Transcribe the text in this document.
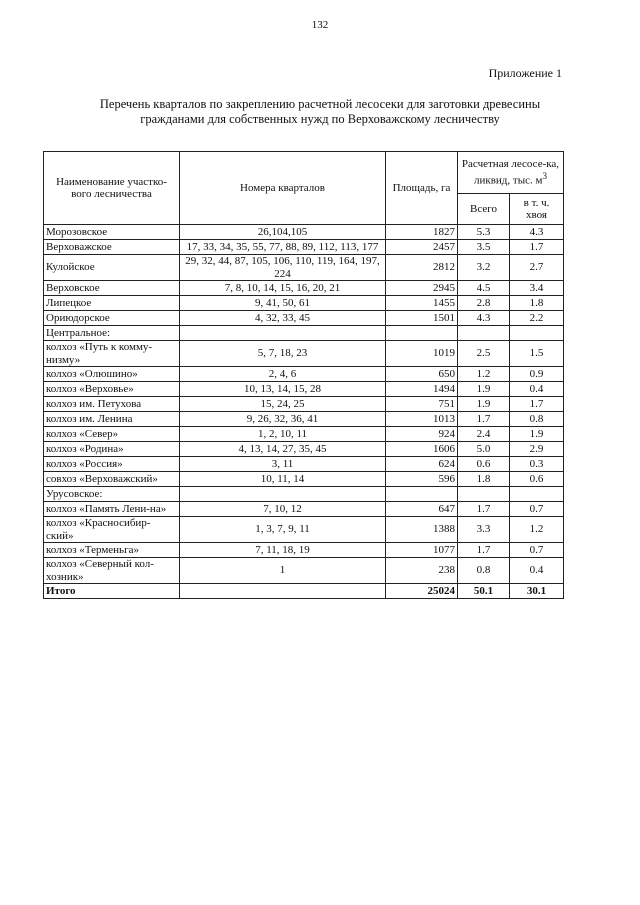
132
Приложение 1
Перечень кварталов по закреплению расчетной лесосеки для заготовки древесины
гражданами для собственных нужд по Верховажскому лесничеству
Наименование участко-вого лесничества	Номера кварталов	Площадь, га	Расчетная лесосе-ка, ликвид, тыс. $м^3$
			Всего	в т. ч. хвоя
Морозовское	26,104,105	1827	5.3	4.3
Верховажское	17, 33, 34, 35, 55, 77, 88, 89, 112, 113, 177	2457	3.5	1.7
Кулойское	29, 32, 44, 87, 105, 106, 110, 119, 164, 197, 224	2812	3.2	2.7
Верховское	7, 8, 10, 14, 15, 16, 20, 21	2945	4.5	3.4
Липецкое	9, 41, 50, 61	1455	2.8	1.8
Ориюдорское	4, 32, 33, 45	1501	4.3	2.2
Центральное:				
колхоз «Путь к комму-низму»	5, 7, 18, 23	1019	2.5	1.5
колхоз «Олюшино»	2, 4, 6	650	1.2	0.9
колхоз «Верховье»	10, 13, 14, 15, 28	1494	1.9	0.4
колхоз им. Петухова	15, 24, 25	751	1.9	1.7
колхоз им. Ленина	9, 26, 32, 36, 41	1013	1.7	0.8
колхоз «Север»	1, 2, 10, 11	924	2.4	1.9
колхоз «Родина»	4, 13, 14, 27, 35, 45	1606	5.0	2.9
колхоз «Россия»	3, 11	624	0.6	0.3
совхоз «Верховажский»	10, 11, 14	596	1.8	0.6
Урусовское:				
колхоз «Память Лени-на»	7, 10, 12	647	1.7	0.7
колхоз «Красносибир-ский»	1, 3, 7, 9, 11	1388	3.3	1.2
колхоз «Терменьга»	7, 11, 18, 19	1077	1.7	0.7
колхоз «Северный кол-хозник»	1	238	0.8	0.4
Итого		25024	50.1	30.1
